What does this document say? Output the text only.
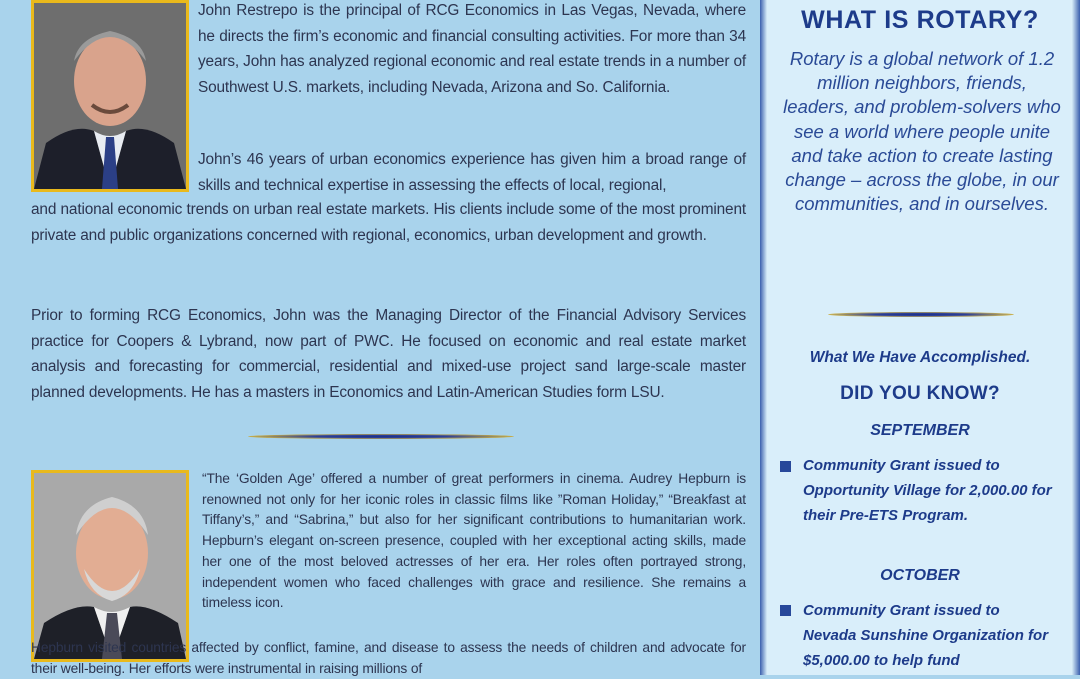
John Restrepo is the principal of RCG Economics in Las Vegas, Nevada, where he directs the firm’s economic and financial consulting activities. For more than 34 years, John has analyzed regional economic and real estate trends in a number of Southwest U.S. markets, including Nevada, Arizona and So. California.

John’s 46 years of urban economics experience has given him a broad range of skills and technical expertise in assessing the effects of local, regional,

and national economic trends on urban real estate markets. His clients include some of the most prominent private and public organizations concerned with regional, economics, urban development and growth.

Prior to forming RCG Economics, John was the Managing Director of the Financial Advisory Services practice for Coopers & Lybrand, now part of PWC. He focused on economic and real estate market analysis and forecasting for commercial, residential and mixed-use project sand large-scale master planned developments. He has a masters in Economics and Latin-American Studies form LSU.

“The ‘Golden Age’ offered a number of great performers in cinema. Audrey Hepburn is renowned not only for her iconic roles in classic films like ”Roman Holiday,” “Breakfast at Tiffany’s,” and “Sabrina,” but also for her significant contributions to humanitarian work. Hepburn’s elegant on-screen presence, coupled with her exceptional acting skills, made her one of the most beloved actresses of her era. Her roles often portrayed strong, independent women who faced challenges with grace and resilience. She remains a timeless icon.

Hepburn visited countries affected by conflict, famine, and disease to assess the needs of children and advocate for their well-being. Her efforts were instrumental in raising millions of

WHAT IS ROTARY?
Rotary is a global network of 1.2 million neighbors, friends, leaders, and problem-solvers who see a world where people unite and take action to create lasting change – across the globe, in our communities, and in ourselves.
What We Have Accomplished.
DID YOU KNOW?
SEPTEMBER
Community Grant issued to Opportunity Village for 2,000.00 for their Pre-ETS Program.
OCTOBER
Community Grant issued to Nevada Sunshine Organization for $5,000.00 to help fund
